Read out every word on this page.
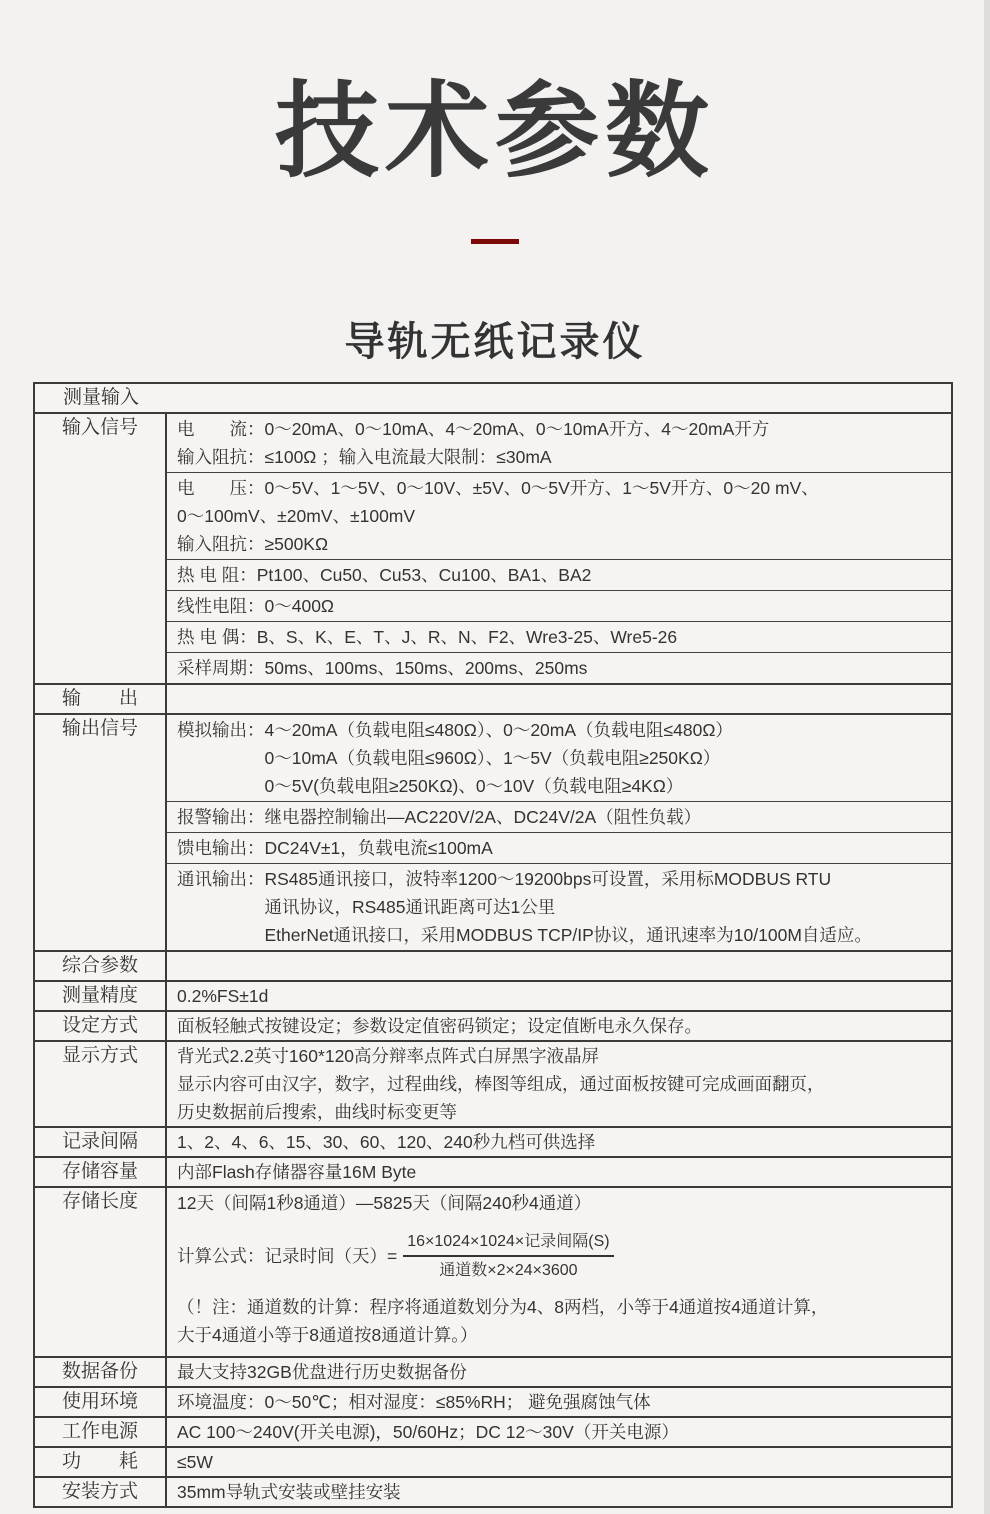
技术参数
导轨无纸记录仪
测量输入
输入信号	电　　流：0～20mA、0～10mA、4～20mA、0～10mA开方、4～20mA开方
输入阻抗：≤100Ω ；输入电流最大限制：≤30mA
电　　压：0～5V、1～5V、0～10V、±5V、0～5V开方、1～5V开方、0～20 mV、
0～100mV、±20mV、±100mV
输入阻抗：≥500KΩ
热 电 阻：Pt100、Cu50、Cu53、Cu100、BA1、BA2
线性电阻：0～400Ω
热 电 偶：B、S、K、E、T、J、R、N、F2、Wre3-25、Wre5-26
采样周期：50ms、100ms、150ms、200ms、250ms
输　　出
输出信号	模拟输出：4～20mA（负载电阻≤480Ω）、0～20mA（负载电阻≤480Ω）
　　　　　0～10mA（负载电阻≤960Ω）、1～5V（负载电阻≥250KΩ）
　　　　　0～5V(负载电阻≥250KΩ)、0～10V（负载电阻≥4KΩ）
报警输出：继电器控制输出—AC220V/2A、DC24V/2A（阻性负载）
馈电输出：DC24V±1，负载电流≤100mA
通讯输出：RS485通讯接口，波特率1200～19200bps可设置，采用标MODBUS RTU
　　　　　通讯协议，RS485通讯距离可达1公里
　　　　　EtherNet通讯接口，采用MODBUS TCP/IP协议，通讯速率为10/100M自适应。
综合参数
测量精度	0.2%FS±1d
设定方式	面板轻触式按键设定；参数设定值密码锁定；设定值断电永久保存。
显示方式	背光式2.2英寸160*120高分辩率点阵式白屏黑字液晶屏
显示内容可由汉字，数字，过程曲线，棒图等组成，通过面板按键可完成画面翻页，
历史数据前后搜索，曲线时标变更等
记录间隔	1、2、4、6、15、30、60、120、240秒九档可供选择
存储容量	内部Flash存储器容量16M Byte
存储长度	12天（间隔1秒8通道）—5825天（间隔240秒4通道）
计算公式：记录时间（天）= $\frac{\text{16×1024×1024×记录间隔(S)}}{\text{通道数×2×24×3600}}$
（！注：通道数的计算：程序将通道数划分为4、8两档，小等于4通道按4通道计算，
大于4通道小等于8通道按8通道计算。）
数据备份	最大支持32GB优盘进行历史数据备份
使用环境	环境温度：0～50℃；相对湿度：≤85%RH； 避免强腐蚀气体
工作电源	AC 100～240V(开关电源)，50/60Hz；DC 12～30V（开关电源）
功　　耗	≤5W
安装方式	35mm导轨式安装或壁挂安装
